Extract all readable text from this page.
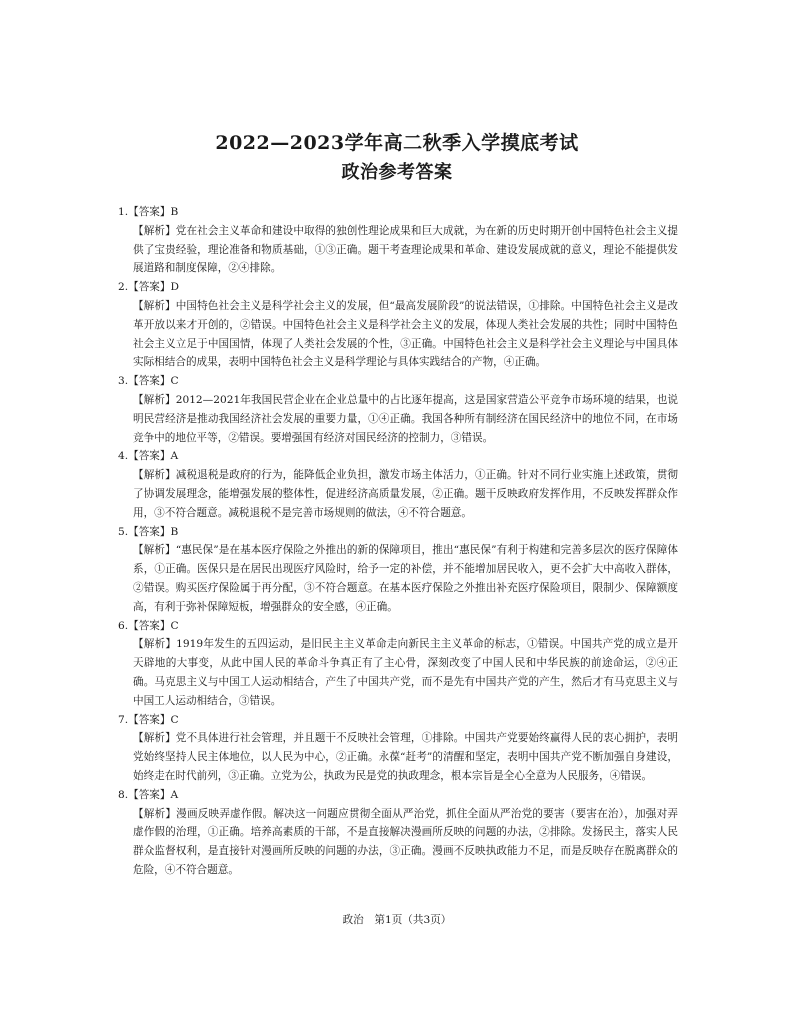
2022—2023学年高二秋季入学摸底考试
政治参考答案
1.【答案】B
【解析】党在社会主义革命和建设中取得的独创性理论成果和巨大成就，为在新的历史时期开创中国特色社会主义提供了宝贵经验，理论准备和物质基础，①③正确。题干考查理论成果和革命、建设发展成就的意义，理论不能提供发展道路和制度保障，②④排除。
2.【答案】D
【解析】中国特色社会主义是科学社会主义的发展，但“最高发展阶段”的说法错误，①排除。中国特色社会主义是改革开放以来才开创的，②错误。中国特色社会主义是科学社会主义的发展，体现人类社会发展的共性；同时中国特色社会主义立足于中国国情，体现了人类社会发展的个性，③正确。中国特色社会主义是科学社会主义理论与中国具体实际相结合的成果，表明中国特色社会主义是科学理论与具体实践结合的产物，④正确。
3.【答案】C
【解析】2012—2021年我国民营企业在企业总量中的占比逐年提高，这是国家营造公平竞争市场环境的结果，也说明民营经济是推动我国经济社会发展的重要力量，①④正确。我国各种所有制经济在国民经济中的地位不同，在市场竞争中的地位平等，②错误。要增强国有经济对国民经济的控制力，③错误。
4.【答案】A
【解析】减税退税是政府的行为，能降低企业负担，激发市场主体活力，①正确。针对不同行业实施上述政策，贯彻了协调发展理念，能增强发展的整体性，促进经济高质量发展，②正确。题干反映政府发挥作用，不反映发挥群众作用，③不符合题意。减税退税不是完善市场规则的做法，④不符合题意。
5.【答案】B
【解析】“惠民保”是在基本医疗保险之外推出的新的保障项目，推出“惠民保”有利于构建和完善多层次的医疗保障体系，①正确。医保只是在居民出现医疗风险时，给予一定的补偿，并不能增加居民收入，更不会扩大中高收入群体，②错误。购买医疗保险属于再分配，③不符合题意。在基本医疗保险之外推出补充医疗保险项目，限制少、保障额度高，有利于弥补保障短板，增强群众的安全感，④正确。
6.【答案】C
【解析】1919年发生的五四运动，是旧民主主义革命走向新民主主义革命的标志，①错误。中国共产党的成立是开天辟地的大事变，从此中国人民的革命斗争真正有了主心骨，深刻改变了中国人民和中华民族的前途命运，②④正确。马克思主义与中国工人运动相结合，产生了中国共产党，而不是先有中国共产党的产生，然后才有马克思主义与中国工人运动相结合，③错误。
7.【答案】C
【解析】党不具体进行社会管理，并且题干不反映社会管理，①排除。中国共产党要始终赢得人民的衷心拥护，表明党始终坚持人民主体地位，以人民为中心，②正确。永葆“赶考”的清醒和坚定，表明中国共产党不断加强自身建设，始终走在时代前列，③正确。立党为公，执政为民是党的执政理念，根本宗旨是全心全意为人民服务，④错误。
8.【答案】A
【解析】漫画反映弄虚作假。解决这一问题应贯彻全面从严治党，抓住全面从严治党的要害（要害在治），加强对弄虚作假的治理，①正确。培养高素质的干部，不是直接解决漫画所反映的问题的办法，②排除。发扬民主，落实人民群众监督权利，是直接针对漫画所反映的问题的办法，③正确。漫画不反映执政能力不足，而是反映存在脱离群众的危险，④不符合题意。
政治　第1页（共3页）
